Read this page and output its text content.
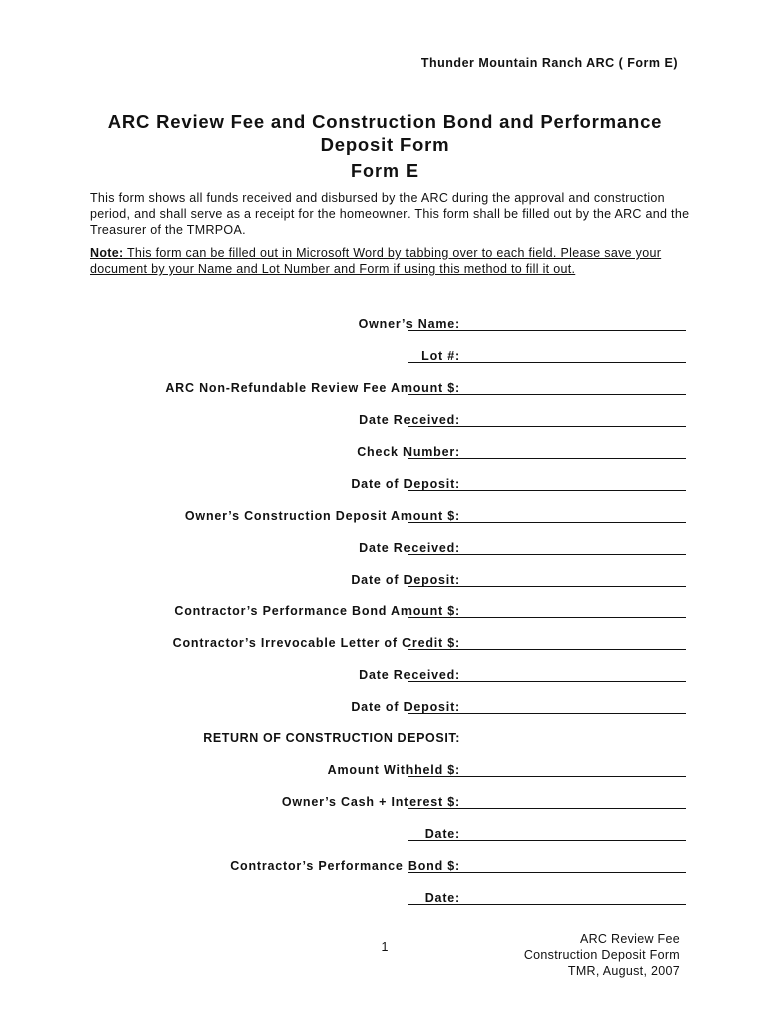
Thunder Mountain Ranch ARC ( Form E)
ARC Review Fee and Construction Bond and Performance
Deposit Form
Form E
This form shows all funds received and disbursed by the ARC during the approval and construction period, and shall serve as a receipt for the homeowner. This form shall be filled out by the ARC and the Treasurer of the TMRPOA.
Note: This form can be filled out in Microsoft Word by tabbing over to each field. Please save your document by your Name and Lot Number and Form if using this method to fill it out.
Owner’s Name:
Lot #:
ARC Non-Refundable Review Fee Amount $:
Date Received:
Check Number:
Date of Deposit:
Owner’s Construction Deposit Amount $:
Date Received:
Date of Deposit:
Contractor’s Performance Bond Amount $:
Contractor’s Irrevocable Letter of Credit $:
Date Received:
Date of Deposit:
RETURN OF CONSTRUCTION DEPOSIT:
Amount Withheld $:
Owner’s Cash + Interest $:
Date:
Contractor’s Performance Bond $:
Date:
1
ARC Review Fee
Construction Deposit Form
TMR, August, 2007
